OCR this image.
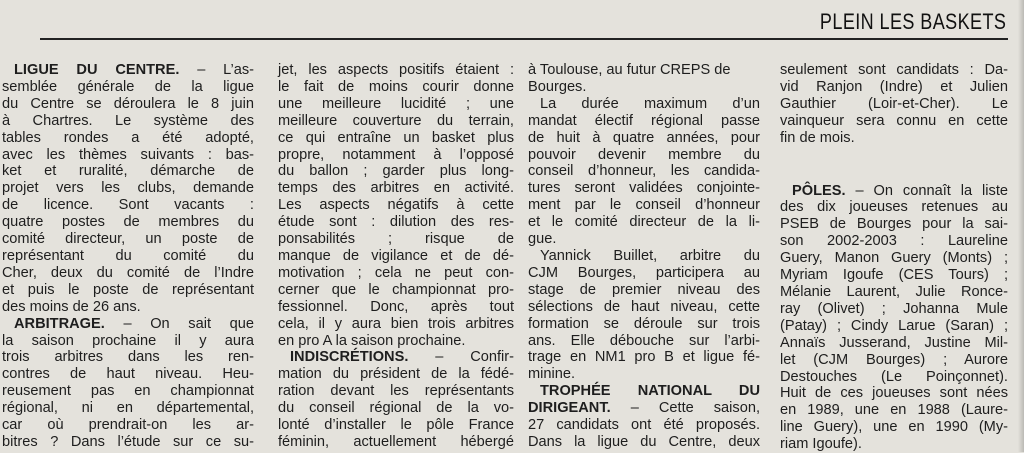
PLEIN LES BASKETS
LIGUE DU CENTRE. – L’as-
semblée générale de la ligue
du Centre se déroulera le 8 juin
à Chartres. Le système des
tables rondes a été adopté,
avec les thèmes suivants : bas-
ket et ruralité, démarche de
projet vers les clubs, demande
de licence. Sont vacants :
quatre postes de membres du
comité directeur, un poste de
représentant du comité du
Cher, deux du comité de l’Indre
et puis le poste de représentant
des moins de 26 ans.
ARBITRAGE. – On sait que
la saison prochaine il y aura
trois arbitres dans les ren-
contres de haut niveau. Heu-
reusement pas en championnat
régional, ni en départemental,
car où prendrait-on les ar-
bitres ? Dans l’étude sur ce su-
jet, les aspects positifs étaient :
le fait de moins courir donne
une meilleure lucidité ; une
meilleure couverture du terrain,
ce qui entraîne un basket plus
propre, notamment à l’opposé
du ballon ; garder plus long-
temps des arbitres en activité.
Les aspects négatifs à cette
étude sont : dilution des res-
ponsabilités ; risque de
manque de vigilance et de dé-
motivation ; cela ne peut con-
cerner que le championnat pro-
fessionnel. Donc, après tout
cela, il y aura bien trois arbitres
en pro A la saison prochaine.
INDISCRÉTIONS. – Confir-
mation du président de la fédé-
ration devant les représentants
du conseil régional de la vo-
lonté d’installer le pôle France
féminin, actuellement hébergé
à Toulouse, au futur CREPS de
Bourges.
La durée maximum d’un
mandat électif régional passe
de huit à quatre années, pour
pouvoir devenir membre du
conseil d’honneur, les candida-
tures seront validées conjointe-
ment par le conseil d’honneur
et le comité directeur de la li-
gue.
Yannick Buillet, arbitre du
CJM Bourges, participera au
stage de premier niveau des
sélections de haut niveau, cette
formation se déroule sur trois
ans. Elle débouche sur l’arbi-
trage en NM1 pro B et ligue fé-
minine.
TROPHÉE NATIONAL DU
DIRIGEANT. – Cette saison,
27 candidats ont été proposés.
Dans la ligue du Centre, deux
seulement sont candidats : Da-
vid Ranjon (Indre) et Julien
Gauthier (Loir-et-Cher). Le
vainqueur sera connu en cette
fin de mois.
PÔLES. – On connaît la liste
des dix joueuses retenues au
PSEB de Bourges pour la sai-
son 2002-2003 : Laureline
Guery, Manon Guery (Monts) ;
Myriam Igoufe (CES Tours) ;
Mélanie Laurent, Julie Ronce-
ray (Olivet) ; Johanna Mule
(Patay) ; Cindy Larue (Saran) ;
Annaïs Jusserand, Justine Mil-
let (CJM Bourges) ; Aurore
Destouches (Le Poinçonnet).
Huit de ces joueuses sont nées
en 1989, une en 1988 (Laure-
line Guery), une en 1990 (My-
riam Igoufe).
